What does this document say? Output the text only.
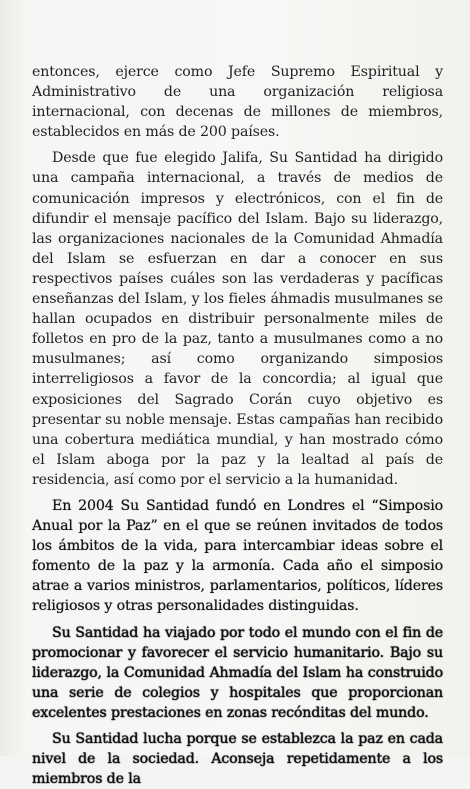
entonces, ejerce como Jefe Supremo Espiritual y Administrativo de una organización religiosa internacional, con decenas de millones de miembros, establecidos en más de 200 países.

Desde que fue elegido Jalifa, Su Santidad ha dirigido una campaña internacional, a través de medios de comunicación impresos y electrónicos, con el fin de difundir el mensaje pacífico del Islam. Bajo su liderazgo, las organizaciones nacionales de la Comunidad Ahmadía del Islam se esfuerzan en dar a conocer en sus respectivos países cuáles son las verdaderas y pacíficas enseñanzas del Islam, y los fieles áhmadis musulmanes se hallan ocupados en distribuir personalmente miles de folletos en pro de la paz, tanto a musulmanes como a no musulmanes; así como organizando simposios interreligiosos a favor de la concordia; al igual que exposiciones del Sagrado Corán cuyo objetivo es presentar su noble mensaje. Estas campañas han recibido una cobertura mediática mundial, y han mostrado cómo el Islam aboga por la paz y la lealtad al país de residencia, así como por el servicio a la humanidad.

En 2004 Su Santidad fundó en Londres el “Simposio Anual por la Paz” en el que se reúnen invitados de todos los ámbitos de la vida, para intercambiar ideas sobre el fomento de la paz y la armonía. Cada año el simposio atrae a varios ministros, parlamentarios, políticos, líderes religiosos y otras personalidades distinguidas.

Su Santidad ha viajado por todo el mundo con el fin de promocionar y favorecer el servicio humanitario. Bajo su liderazgo, la Comunidad Ahmadía del Islam ha construido una serie de colegios y hospitales que proporcionan excelentes prestaciones en zonas recónditas del mundo.

Su Santidad lucha porque se establezca la paz en cada nivel de la sociedad. Aconseja repetidamente a los miembros de la
